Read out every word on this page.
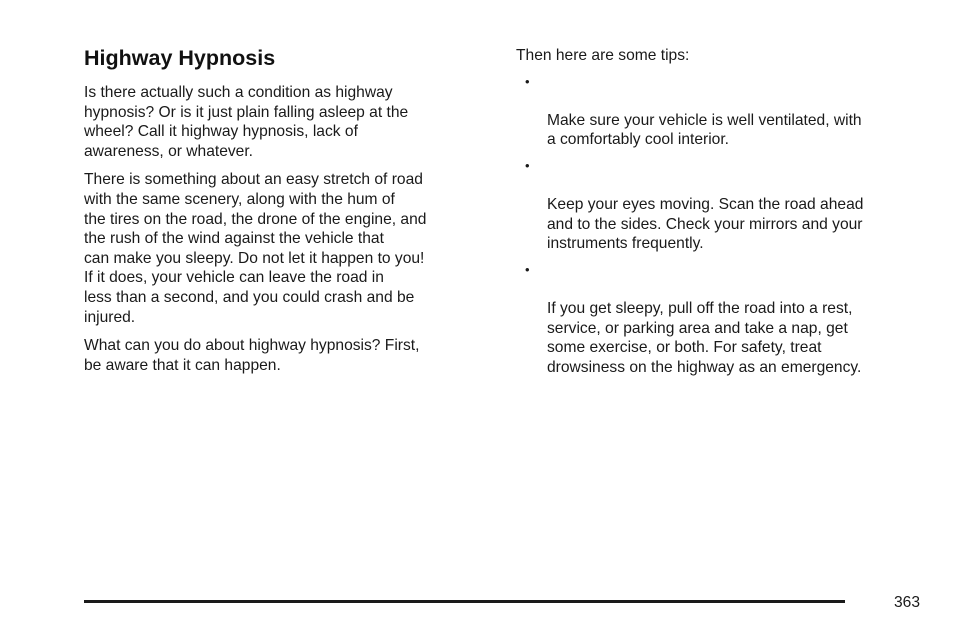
Highway Hypnosis

Is there actually such a condition as highway
hypnosis? Or is it just plain falling asleep at the
wheel? Call it highway hypnosis, lack of
awareness, or whatever.

There is something about an easy stretch of road
with the same scenery, along with the hum of
the tires on the road, the drone of the engine, and
the rush of the wind against the vehicle that
can make you sleepy. Do not let it happen to you!
If it does, your vehicle can leave the road in
less than a second, and you could crash and be
injured.

What can you do about highway hypnosis? First,
be aware that it can happen.

Then here are some tips:

•

Make sure your vehicle is well ventilated, with
a comfortably cool interior.

•

Keep your eyes moving. Scan the road ahead
and to the sides. Check your mirrors and your
instruments frequently.

•

If you get sleepy, pull off the road into a rest,
service, or parking area and take a nap, get
some exercise, or both. For safety, treat
drowsiness on the highway as an emergency.

363
